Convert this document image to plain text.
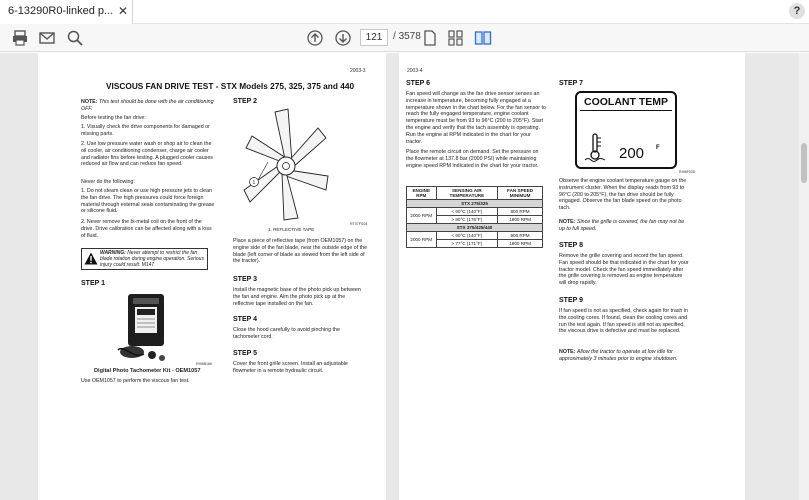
6-13290R0-linked p... ✕	?
121	/ 3578
2003-3
VISCOUS FAN DRIVE TEST - STX Models 275, 325, 375 and 440
NOTE: This test should be done with the air conditioning OFF.
Before testing the fan drive:
1. Visually check the drive components for damaged or missing parts.
2. Use low pressure water wash or shop air to clean the oil cooler, air conditioning condenser, charge air cooler and radiator fins before testing. A plugged cooler causes reduced air flow and can reduce fan speed.
Never do the following:
1. Do not steam clean or use high pressure jets to clean the fan drive. The high pressures could force foreign material through external seals contaminating the grease or silicone fluid.
2. Never remove the bi-metal coil on the front of the drive. Drive calibration can be affected along with a loss of fluid.
WARNING: Never attempt to restrict the fan blade rotation during engine operation. Serious injury could result. M147
STEP 1
RI98B16K
Digital Photo Tachometer Kit - OEM1057
Use OEM1057 to perform the viscous fan test.
STEP 2
1
1. REFLECTIVE TAPE
RT07FS04
Place a piece of reflective tape (from OEM1057) on the engine side of the fan blade, near the outside edge of the blade (left corner of blade as viewed from the left side of the tractor).
STEP 3
Install the magnetic base of the photo pick up between the fan and engine. Aim the photo pick up at the reflective tape installed on the fan.
STEP 4
Close the hood carefully to avoid pinching the tachometer cord.
STEP 5
Cover the front grille screen. Install an adjustable flowmeter in a remote hydraulic circuit.
2003-4
STEP 6
Fan speed will change as the fan drive sensor senses an increase in temperature, becoming fully engaged at a temperature shown in the chart below. For the fan sensor to reach the fully engaged temperature, engine coolant temperature must be from 93 to 96°C (200 to 205°F). Start the engine and verify that the tach assembly is operating. Run the engine at RPM indicated in the chart for your tractor.
Place the remote circuit on demand. Set the pressure on the flowmeter at 137.8 bar (2000 PSI) while maintaining engine speed RPM indicated in the chart for your tractor.
ENGINE RPM	SENSING AIR TEMPERATURE	FAN SPEED MINIMUM
STX 275/325		
2000 RPM	< 60°C (140°F)	800 RPM
	> 80°C (176°F)	1800 RPM
STX 375/425/440		
2000 RPM	< 60°C (140°F)	900 RPM
	> 77°C (171°F)	1800 RPM
STEP 7
COOLANT TEMP
200 F
RI98F03D
Observe the engine coolant temperature gauge on the instrument cluster. When the display reads from 93 to 96°C (200 to 205°F), the fan drive should be fully engaged. Observe the fan blade speed on the photo tach.
NOTE: Since the grille is covered, the fan may not be up to full speed.
STEP 8
Remove the grille covering and record the fan speed. Fan speed should be that indicated in the chart for your tractor model. Check the fan speed immediately after the grille covering is removed as engine temperature will drop rapidly.
STEP 9
If fan speed is not as specified, check again for trash in the cooling cores. If found, clean the cooling cores and run the test again. If fan speed is still not as specified, the viscous drive is defective and must be replaced.
NOTE: Allow the tractor to operate at low idle for approximately 3 minutes prior to engine shutdown.
